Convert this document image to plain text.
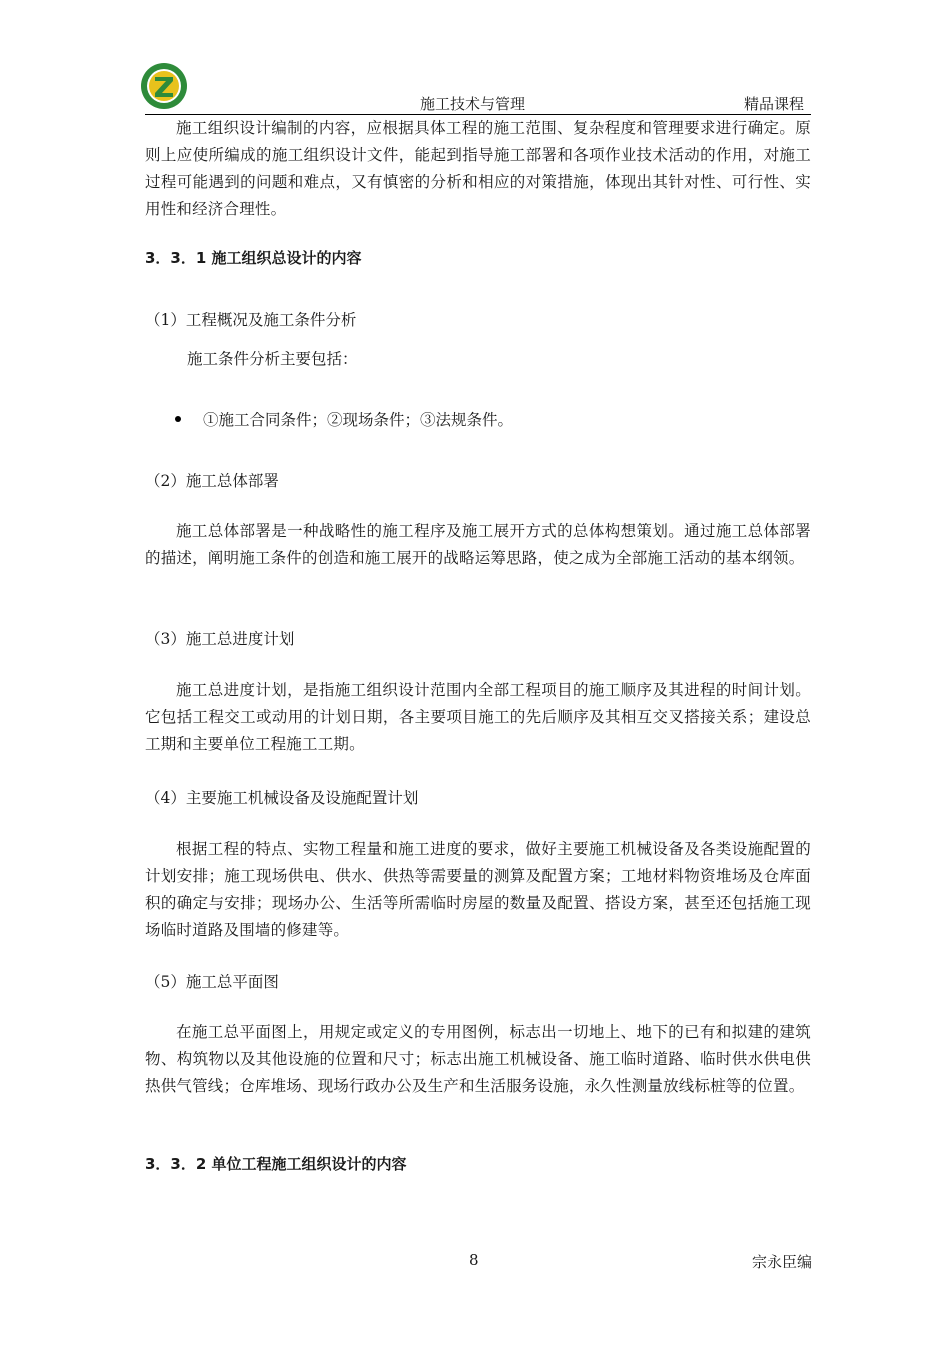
施工技术与管理	精品课程
施工组织设计编制的内容，应根据具体工程的施工范围、复杂程度和管理要求进行确定。原则上应使所编成的施工组织设计文件，能起到指导施工部署和各项作业技术活动的作用，对施工过程可能遇到的问题和难点，又有慎密的分析和相应的对策措施，体现出其针对性、可行性、实用性和经济合理性。
3．3．1 施工组织总设计的内容
（1）工程概况及施工条件分析
施工条件分析主要包括：
①施工合同条件；②现场条件；③法规条件。
（2）施工总体部署
施工总体部署是一种战略性的施工程序及施工展开方式的总体构想策划。通过施工总体部署的描述，阐明施工条件的创造和施工展开的战略运筹思路，使之成为全部施工活动的基本纲领。
（3）施工总进度计划
施工总进度计划，是指施工组织设计范围内全部工程项目的施工顺序及其进程的时间计划。它包括工程交工或动用的计划日期，各主要项目施工的先后顺序及其相互交叉搭接关系；建设总工期和主要单位工程施工工期。
（4）主要施工机械设备及设施配置计划
根据工程的特点、实物工程量和施工进度的要求，做好主要施工机械设备及各类设施配置的计划安排；施工现场供电、供水、供热等需要量的测算及配置方案；工地材料物资堆场及仓库面积的确定与安排；现场办公、生活等所需临时房屋的数量及配置、搭设方案，甚至还包括施工现场临时道路及围墙的修建等。
（5）施工总平面图
在施工总平面图上，用规定或定义的专用图例，标志出一切地上、地下的已有和拟建的建筑物、构筑物以及其他设施的位置和尺寸；标志出施工机械设备、施工临时道路、临时供水供电供热供气管线；仓库堆场、现场行政办公及生产和生活服务设施，永久性测量放线标桩等的位置。
3．3．2 单位工程施工组织设计的内容
8	宗永臣编
